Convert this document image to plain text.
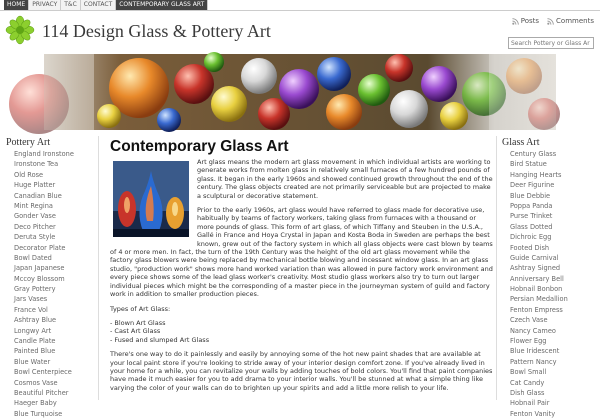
HOME	PRIVACY	T&C	CONTACT	CONTEMPORARY GLASS ART
114 Design Glass & Pottery Art	Posts Comments
Search Pottery or Glass Ar
Pottery Art
England Ironstone
Ironstone Tea
Old Rose
Huge Platter
Canadian Blue
Mint Regina
Gonder Vase
Deco Pitcher
Deruta Style
Decorator Plate
Bowl Dated
Japan Japanese
Mccoy Blossom
Gray Pottery
Jars Vases
France Vol
Ashtray Blue
Longwy Art
Candle Plate
Painted Blue
Blue Water
Bowl Centerpiece
Cosmos Vase
Beautiful Pitcher
Haeger Baby
Blue Turquoise
Contemporary Glass Art

Art glass means the modern art glass movement in which individual artists are working to generate works from molten glass in relatively small furnaces of a few hundred pounds of glass. It began in the early 1960s and showed continued growth throughout the end of the century. The glass objects created are not primarily serviceable but are projected to make a sculptural or decorative statement.

Prior to the early 1960s, art glass would have referred to glass made for decorative use, habitually by teams of factory workers, taking glass from furnaces with a thousand or more pounds of glass. This form of art glass, of which Tiffany and Steuben in the U.S.A., Gallé in France and Hoya Crystal in Japan and Kosta Boda in Sweden are perhaps the best known, grew out of the factory system in which all glass objects were cast blown by teams of 4 or more men. In fact, the turn of the 19th Century was the height of the old art glass movement while the factory glass blowers were being replaced by mechanical bottle blowing and incessant window glass. In an art glass studio, "production work" shows more hand worked variation than was allowed in pure factory work environment and every piece shows some of the lead glass worker's creativity. Most studio glass workers also try to turn out larger individual pieces which might be the corresponding of a master piece in the journeyman system of guild and factory work in addition to smaller production pieces.

Types of Art Glass:

- Blown Art Glass
- Cast Art Glass
- Fused and slumped Art Glass

There's one way to do it painlessly and easily by annoying some of the hot new paint shades that are available at your local paint store if you're looking to stride away of your interior design comfort zone. If you've already lived in your home for a while, you can revitalize your walls by adding touches of bold colors. You'll find that paint companies have made it much easier for you to add drama to your interior walls. You'll be stunned at what a simple thing like varying the color of your walls can do to brighten up your spirits and add a little more relish to your life.

Glass Art
Century Glass
Bird Statue
Hanging Hearts
Deer Figurine
Blue Debbie
Poppa Panda
Purse Trinket
Glass Dotted
Dichroic Egg
Footed Dish
Guide Carnival
Ashtray Signed
Anniversary Bell
Hobnail Bonbon
Persian Medallion
Fenton Empress
Czech Vase
Nancy Cameo
Flower Egg
Blue Iridescent
Pattern Nancy
Bowl Small
Cat Candy
Dish Glass
Hobnail Pair
Fenton Vanity
